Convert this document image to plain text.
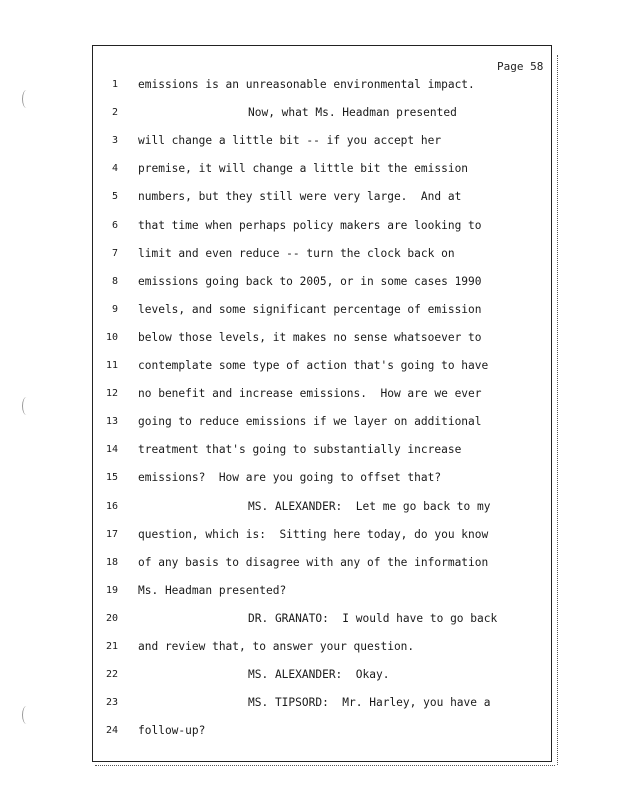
Page 58
1 emissions is an unreasonable environmental impact.
2	Now, what Ms. Headman presented
3 will change a little bit -- if you accept her
4 premise, it will change a little bit the emission
5 numbers, but they still were very large.  And at
6 that time when perhaps policy makers are looking to
7 limit and even reduce -- turn the clock back on
8 emissions going back to 2005, or in some cases 1990
9 levels, and some significant percentage of emission
10 below those levels, it makes no sense whatsoever to
11 contemplate some type of action that's going to have
12 no benefit and increase emissions.  How are we ever
13 going to reduce emissions if we layer on additional
14 treatment that's going to substantially increase
15 emissions?  How are you going to offset that?
16	MS. ALEXANDER:  Let me go back to my
17 question, which is:  Sitting here today, do you know
18 of any basis to disagree with any of the information
19 Ms. Headman presented?
20	DR. GRANATO:  I would have to go back
21 and review that, to answer your question.
22	MS. ALEXANDER:  Okay.
23	MS. TIPSORD:  Mr. Harley, you have a
24 follow-up?
